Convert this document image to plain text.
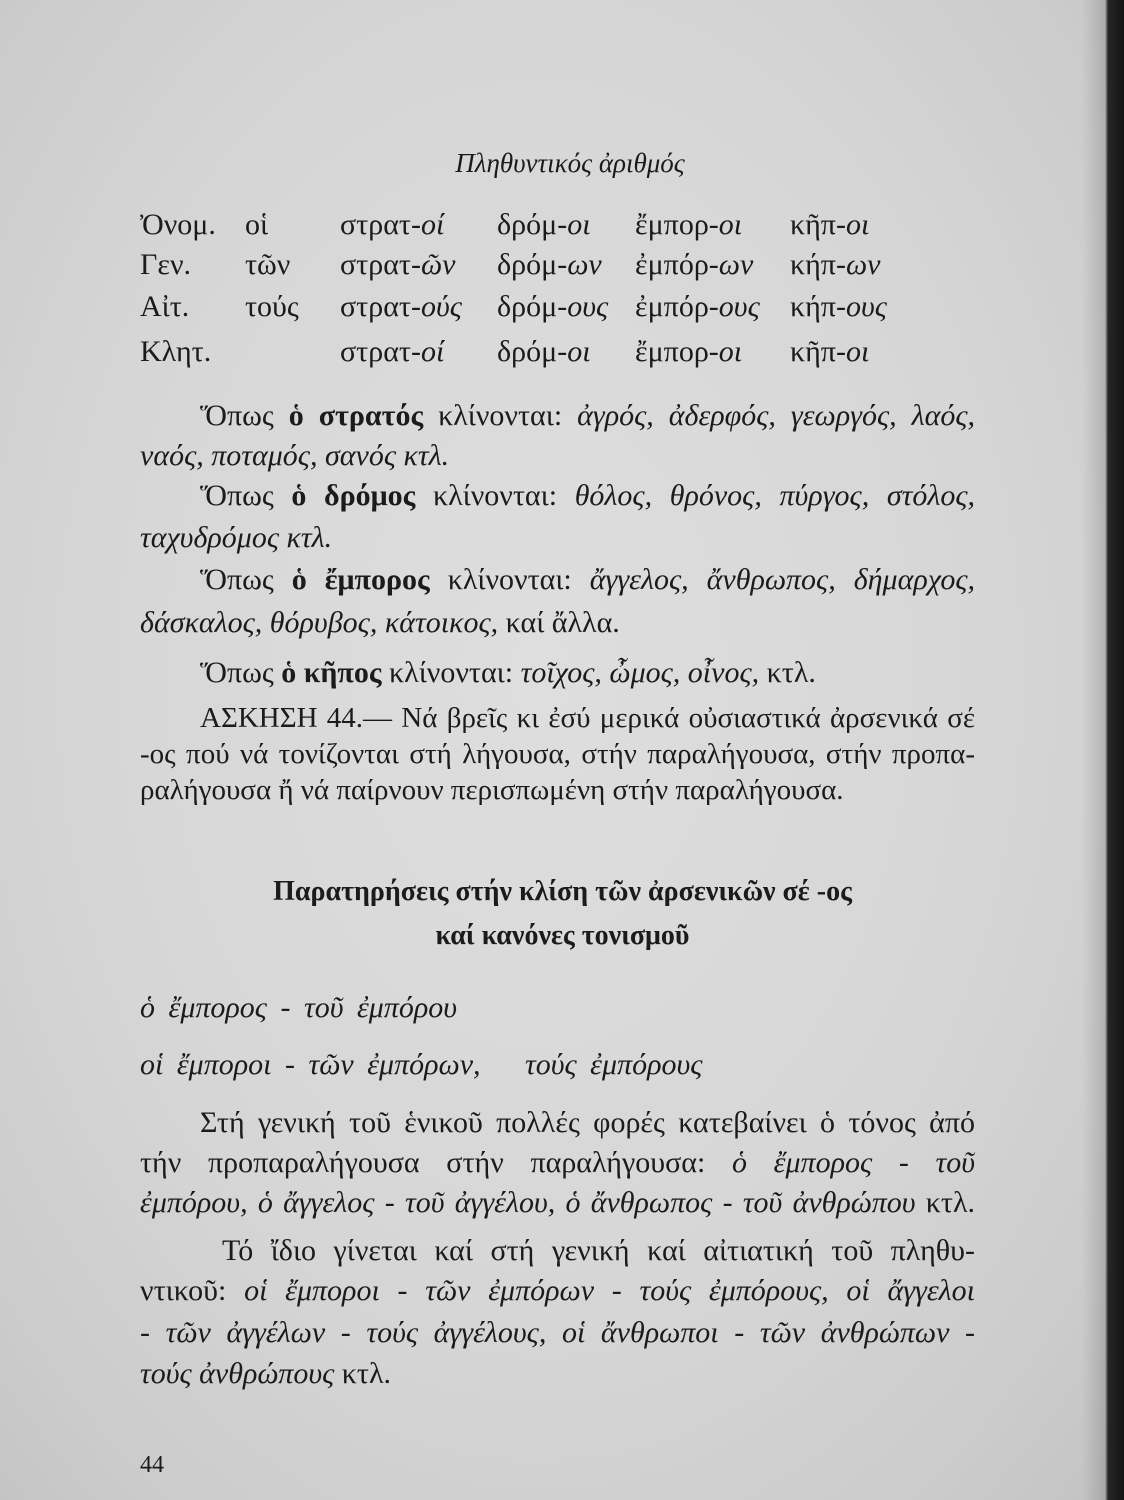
Πληθυντικός ἀριθμός
Ὀνομ. οἱ στρατ-οί δρόμ-οι ἔμπορ-οι κῆπ-οι
Γεν. τῶν στρατ-ῶν δρόμ-ων ἐμπόρ-ων κήπ-ων
Αἰτ. τούς στρατ-ούς δρόμ-ους ἐμπόρ-ους κήπ-ους
Κλητ.	στρατ-οί δρόμ-οι ἔμπορ-οι κῆπ-οι
Ὅπως ὁ στρατός κλίνονται: ἀγρός, ἀδερφός, γεωργός, λαός,
ναός, ποταμός, σανός κτλ.
Ὅπως ὁ δρόμος κλίνονται: θόλος, θρόνος, πύργος, στόλος,
ταχυδρόμος κτλ.
Ὅπως ὁ ἔμπορος κλίνονται: ἄγγελος, ἄνθρωπος, δήμαρχος,
δάσκαλος, θόρυβος, κάτοικος, καί ἄλλα.
Ὅπως ὁ κῆπος κλίνονται: τοῖχος, ὦμος, οἶνος, κτλ.
ΑΣΚΗΣΗ 44.— Νά βρεῖς κι ἐσύ μερικά οὐσιαστικά ἀρσενικά σέ
-ος πού νά τονίζονται στή λήγουσα, στήν παραλήγουσα, στήν προπα-
ραλήγουσα ἤ νά παίρνουν περισπωμένη στήν παραλήγουσα.
Παρατηρήσεις στήν κλίση τῶν ἀρσενικῶν σέ -ος
καί κανόνες τονισμοῦ
ὁ ἔμπορος - τοῦ ἐμπόρου
οἱ ἔμποροι - τῶν ἐμπόρων, τούς ἐμπόρους
Στή γενική τοῦ ἑνικοῦ πολλές φορές κατεβαίνει ὁ τόνος ἀπό
τήν προπαραλήγουσα στήν παραλήγουσα: ὁ ἔμπορος - τοῦ
ἐμπόρου, ὁ ἄγγελος - τοῦ ἀγγέλου, ὁ ἄνθρωπος - τοῦ ἀνθρώπου κτλ.
Τό ἴδιο γίνεται καί στή γενική καί αἰτιατική τοῦ πληθυ-
ντικοῦ: οἱ ἔμποροι - τῶν ἐμπόρων - τούς ἐμπόρους, οἱ ἄγγελοι
- τῶν ἀγγέλων - τούς ἀγγέλους, οἱ ἄνθρωποι - τῶν ἀνθρώπων -
τούς ἀνθρώπους κτλ.
44
